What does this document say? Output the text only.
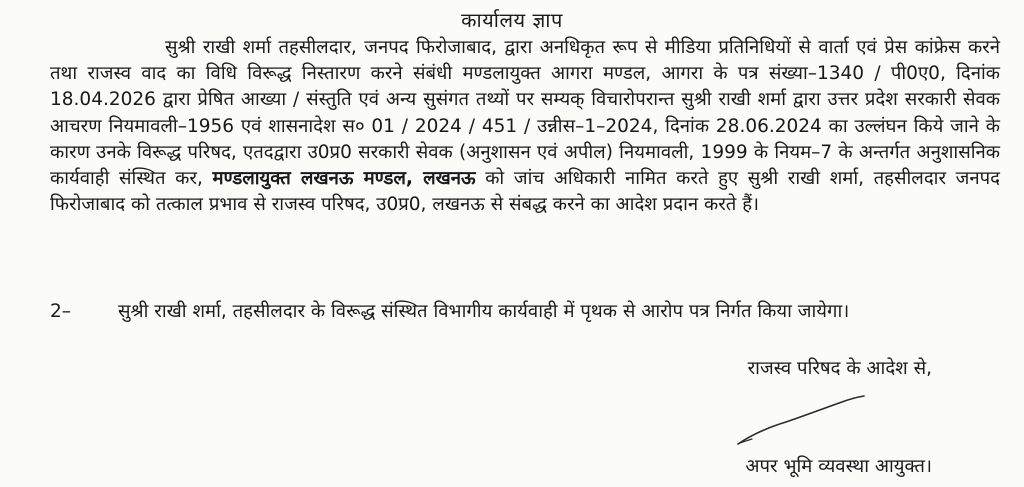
कार्यालय ज्ञाप
सुश्री राखी शर्मा तहसीलदार, जनपद फिरोजाबाद, द्वारा अनधिकृत रूप से मीडिया प्रतिनिधियों से वार्ता एवं प्रेस कांफ्रेस करने तथा राजस्व वाद का विधि विरूद्ध निस्तारण करने संबंधी मण्डलायुक्त आगरा मण्डल, आगरा के पत्र संख्या–1340 / पी0ए0, दिनांक 18.04.2026 द्वारा प्रेषित आख्या / संस्तुति एवं अन्य सुसंगत तथ्यों पर सम्यक् विचारोपरान्त सुश्री राखी शर्मा द्वारा उत्तर प्रदेश सरकारी सेवक आचरण नियमावली–1956 एवं शासनादेश स० 01 / 2024 / 451 / उन्नीस–1–2024, दिनांक 28.06.2024 का उल्लंघन किये जाने के कारण उनके विरूद्ध परिषद, एतदद्वारा उ0प्र0 सरकारी सेवक (अनुशासन एवं अपील) नियमावली, 1999 के नियम–7 के अन्तर्गत अनुशासनिक कार्यवाही संस्थित कर, मण्डलायुक्त लखनऊ मण्डल, लखनऊ को जांच अधिकारी नामित करते हुए सुश्री राखी शर्मा, तहसीलदार जनपद फिरोजाबाद को तत्काल प्रभाव से राजस्व परिषद, उ0प्र0, लखनऊ से संबद्ध करने का आदेश प्रदान करते हैं।
2–	सुश्री राखी शर्मा, तहसीलदार के विरूद्ध संस्थित विभागीय कार्यवाही में पृथक से आरोप पत्र निर्गत किया जायेगा।
राजस्व परिषद के आदेश से,
अपर भूमि व्यवस्था आयुक्त।
